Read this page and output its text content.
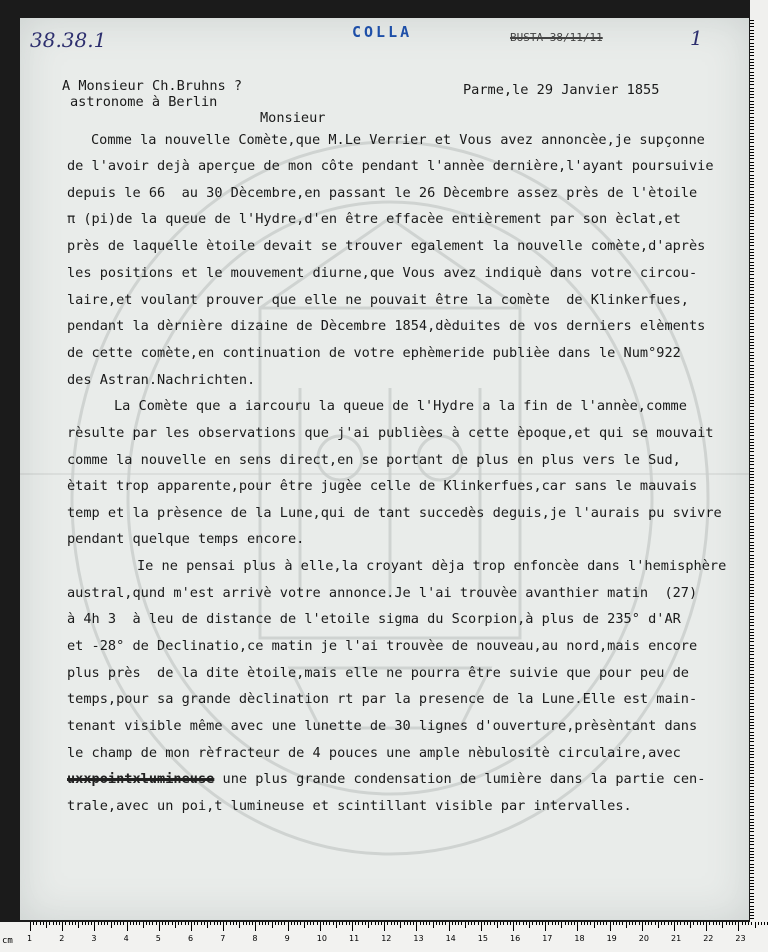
38.38.1	COLLA	BUSTA 38/11/11	1
A Monsieur Ch.Bruhns ?
astronome à Berlin
Parme,le 29 Janvier 1855
Monsieur
Comme la nouvelle Comète,que M.Le Verrier et Vous avez annoncèe,je supçonne
de l'avoir dejà aperçue de mon côte pendant l'annèe dernière,l'ayant poursuivie
depuis le 66  au 30 Dècembre,en passant le 26 Dècembre assez près de l'ètoile
π (pi)de la queue de l'Hydre,d'en être effacèe entièrement par son èclat,et
près de laquelle ètoile devait se trouver egalement la nouvelle comète,d'après
les positions et le mouvement diurne,que Vous avez indiquè dans votre circou-
laire,et voulant prouver que elle ne pouvait être la comète  de Klinkerfues,
pendant la dèrnière dizaine de Dècembre 1854,dèduites de vos derniers elèments
de cette comète,en continuation de votre ephèmeride publièe dans le Num°922
des Astran.Nachrichten.
La Comète que a iarcouru la queue de l'Hydre a la fin de l'annèe,comme
rèsulte par les observations que j'ai publièes à cette èpoque,et qui se mouvait
comme la nouvelle en sens direct,en se portant de plus en plus vers le Sud,
ètait trop apparente,pour être jugèe celle de Klinkerfues,car sans le mauvais
temp et la prèsence de la Lune,qui de tant succedès deguis,je l'aurais pu svivre
pendant quelque temps encore.
Ie ne pensai plus à elle,la croyant dèja trop enfoncèe dans l'hemisphère
austral,qund m'est arrivè votre annonce.Je l'ai trouvèe avanthier matin  (27)
à 4h 3  à leu de distance de l'etoile sigma du Scorpion,à plus de 235° d'AR
et -28° de Declinatio,ce matin je l'ai trouvèe de nouveau,au nord,mais encore
plus près  de la dite ètoile,mais elle ne pourra être suivie que pour peu de
temps,pour sa grande dèclination rt par la presence de la Lune.Elle est main-
tenant visible même avec une lunette de 30 lignes d'ouverture,prèsèntant dans
le champ de mon rèfracteur de 4 pouces une ample nèbulositè circulaire,avec
uxxpointxlumineuse une plus grande condensation de lumière dans la partie cen-
trale,avec un poi,t lumineuse et scintillant visible par intervalles.
cm 1	2	3	4	5	6	7	8	9	10	11	12	13	14	15	16	17	18	19	20	21	22	23
